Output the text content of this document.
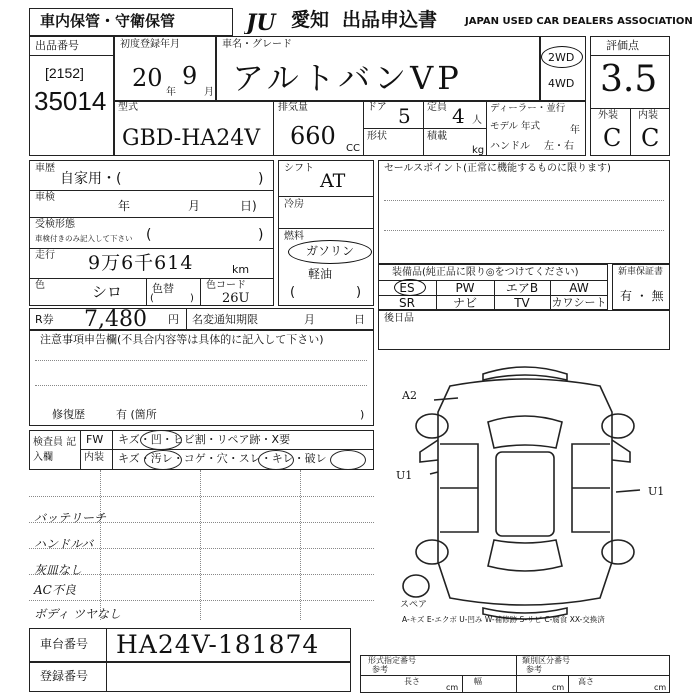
車内保管・守衛保管	JU 愛知 出品申込書	JAPAN USED CAR DEALERS ASSOCIATION
出品番号
[2152]
35014
初度登録年月
20
年
9
月
車名・グレード
アルトバンVP
2WD
4WD
評価点
3.5
外装 内装
C C
型式
GBD-HA24V
排気量
660 CC
ドア 5 定員 4 人
形状	積載
kg
ディーラー・並行
モデル 年式	年
ハンドル 左・右
車歴
自家用・(	)
車検
年	月	日)
受検形態
車検付きのみ記入して下さい (	)
走行 9万6千614	km
色	シロ	色替
(	)
色コード
26U
シフト
AT
冷房
燃料
ガソリン
軽油
(	)
セールスポイント(正常に機能するものに限ります)
装備品(純正品に限り◎をつけてください)
ES	PW	エアB	AW
SR	ナビ	TV	カワシート
新車保証書
有 ・ 無
R券 7,480 円 名変通知期限	月	日 後日品
注意事項申告欄(不具合内容等は具体的に記入して下さい)
修復歴	有 (箇所	)
検査員 記入欄
FW キズ・凹・ヒビ割・リペア跡・X要
内装 キズ・汚レ・コゲ・穴・スレ・キレ・破レ
バッテリーチ
ハンドルバ
灰皿なし
AC不良
ボディ ツヤなし
A2
U1
U1
スペア
A-キズ E-エクボ U-凹み W-補修跡 S-サビ C-腐食 XX-交換済
車台番号 HA24V-181874
登録番号
形式指定番号
参考
類別区分番号
参考
長さ
cm
幅
cm
高さ
cm
